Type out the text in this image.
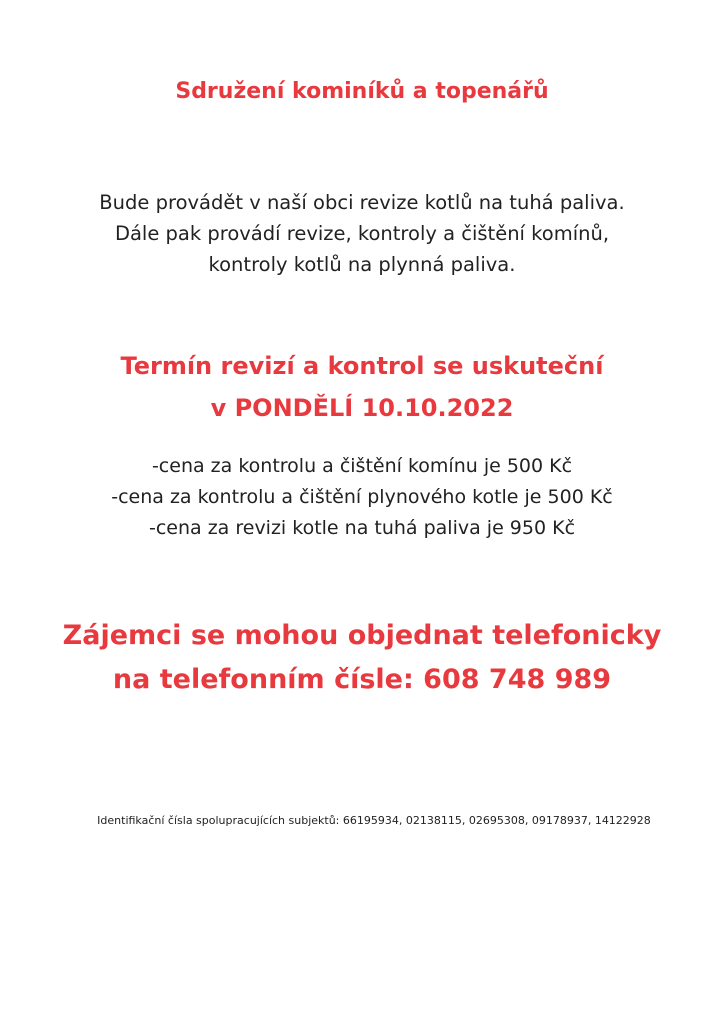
Sdružení kominíků a topenářů
Bude provádět v naší obci revize kotlů na tuhá paliva.
Dále pak provádí revize, kontroly a čištění komínů,
kontroly kotlů na plynná paliva.
Termín revizí a kontrol se uskuteční
v PONDĚLÍ 10.10.2022
-cena za kontrolu a čištění komínu je 500 Kč
-cena za kontrolu a čištění plynového kotle je 500 Kč
-cena za revizi kotle na tuhá paliva je 950 Kč
Zájemci se mohou objednat telefonicky
na telefonním čísle: 608 748 989
Identifikační čísla spolupracujících subjektů: 66195934, 02138115, 02695308, 09178937, 14122928
